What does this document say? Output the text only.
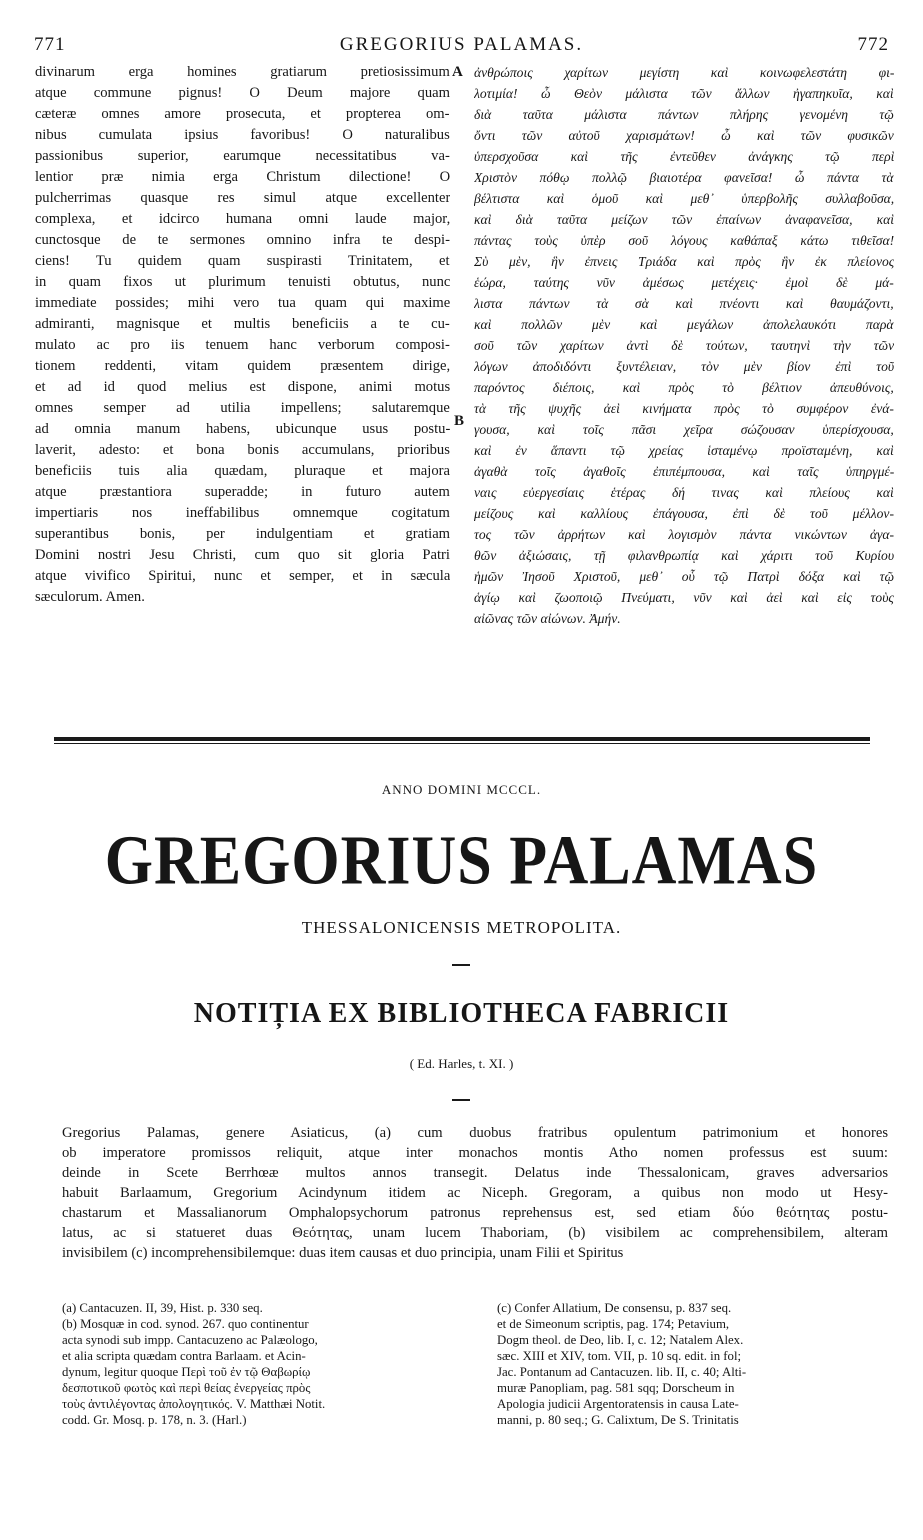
771	GREGORIUS PALAMAS.	772
divinarum erga homines gratiarum pretiosissimum
atque commune pignus! O Deum majore quam
cæteræ omnes amore prosecuta, et propterea om-
nibus cumulata ipsius favoribus! O naturalibus
passionibus superior, earumque necessitatibus va-
lentior præ nimia erga Christum dilectione! O
pulcherrimas quasque res simul atque excellenter
complexa, et idcirco humana omni laude major,
cunctosque de te sermones omnino infra te despi-
ciens! Tu quidem quam suspirasti Trinitatem, et
in quam fixos ut plurimum tenuisti obtutus, nunc
immediate possides; mihi vero tua quam qui maxime
admiranti, magnisque et multis beneficiis a te cu-
mulato ac pro iis tenuem hanc verborum composi-
tionem reddenti, vitam quidem præsentem dirige,
et ad id quod melius est dispone, animi motus
omnes semper ad utilia impellens; salutaremque
ad omnia manum habens, ubicunque usus postu-
laverit, adesto: et bona bonis accumulans, prioribus
beneficiis tuis alia quædam, pluraque et majora
atque præstantiora superadde; in futuro autem
impertiaris nos ineffabilibus omnemque cogitatum
superantibus bonis, per indulgentiam et gratiam
Domini nostri Jesu Christi, cum quo sit gloria Patri
atque vivifico Spiritui, nunc et semper, et in sæcula
sæculorum. Amen.
A
B
ἀνθρώποις χαρίτων μεγίστη καὶ κοινωφελεστάτη φι-
λοτιμία! ὦ Θεὸν μάλιστα τῶν ἄλλων ἠγαπηκυῖα, καὶ
διὰ ταῦτα μάλιστα πάντων πλήρης γενομένη τῷ
ὄντι τῶν αὐτοῦ χαρισμάτων! ὦ καὶ τῶν φυσικῶν
ὑπερσχοῦσα καὶ τῆς ἐντεῦθεν ἀνάγκης τῷ περὶ
Χριστὸν πόθῳ πολλῷ βιαιοτέρα φανεῖσα! ὦ πάντα τὰ
βέλτιστα καὶ ὁμοῦ καὶ μεθ᾽ ὑπερβολῆς συλλαβοῦσα,
καὶ διὰ ταῦτα μείζων τῶν ἐπαίνων ἀναφανεῖσα, καὶ
πάντας τοὺς ὑπὲρ σοῦ λόγους καθάπαξ κάτω τιθεῖσα!
Σὺ μὲν, ἣν ἐπνεις Τριάδα καὶ πρὸς ἣν ἐκ πλείονος
ἑώρα, ταύτης νῦν ἀμέσως μετέχεις· ἐμοὶ δὲ μά-
λιστα πάντων τὰ σὰ καὶ πνέοντι καὶ θαυμάζοντι,
καὶ πολλῶν μὲν καὶ μεγάλων ἀπολελαυκότι παρὰ
σοῦ τῶν χαρίτων ἀντὶ δὲ τούτων, ταυτηνὶ τὴν τῶν
λόγων ἀποδιδόντι ξυντέλειαν, τὸν μὲν βίον ἐπὶ τοῦ
παρόντος διέποις, καὶ πρὸς τὸ βέλτιον ἀπευθύνοις,
τὰ τῆς ψυχῆς ἀεὶ κινήματα πρὸς τὸ συμφέρον ἐνά-
γουσα, καὶ τοῖς πᾶσι χεῖρα σώζουσαν ὑπερίσχουσα,
καὶ ἐν ἅπαντι τῷ χρείας ἱσταμένῳ προϊσταμένη, καὶ
ἀγαθὰ τοῖς ἀγαθοῖς ἐπιπέμπουσα, καὶ ταῖς ὑπηργμέ-
ναις εὐεργεσίαις ἑτέρας δή τινας καὶ πλείους καὶ
μείζους καὶ καλλίους ἐπάγουσα, ἐπὶ δὲ τοῦ μέλλον-
τος τῶν ἀρρήτων καὶ λογισμὸν πάντα νικώντων ἀγα-
θῶν ἀξιώσαις, τῇ φιλανθρωπίᾳ καὶ χάριτι τοῦ Κυρίου
ἡμῶν Ἰησοῦ Χριστοῦ, μεθ᾽ οὗ τῷ Πατρὶ δόξα καὶ τῷ
ἁγίῳ καὶ ζωοποιῷ Πνεύματι, νῦν καὶ ἀεὶ καὶ εἰς τοὺς
αἰῶνας τῶν αἰώνων. Ἀμήν.
ANNO DOMINI MCCCL.
GREGORIUS PALAMAS
THESSALONICENSIS METROPOLITA.
NOTIȚIA EX BIBLIOTHECA FABRICII
( Ed. Harles, t. XI. )
Gregorius Palamas, genere Asiaticus, (a) cum duobus fratribus opulentum patrimonium et honores
ob imperatore promissos reliquit, atque inter monachos montis Atho nomen professus est suum:
deinde in Scete Berrhœæ multos annos transegit. Delatus inde Thessalonicam, graves adversarios
habuit Barlaamum, Gregorium Acindynum itidem ac Niceph. Gregoram, a quibus non modo ut Hesy-
chastarum et Massalianorum Omphalopsychorum patronus reprehensus est, sed etiam δύο θεότητας postu-
latus, ac si statueret duas Θεότητας, unam lucem Thaboriam, (b) visibilem ac comprehensibilem, alteram
invisibilem (c) incomprehensibilemque: duas item causas et duo principia, unam Filii et Spiritus
(a) Cantacuzen. II, 39, Hist. p. 330 seq.
(b) Mosquæ in cod. synod. 267. quo continentur
acta synodi sub impp. Cantacuzeno ac Palæologo,
et alia scripta quædam contra Barlaam. et Acin-
dynum, legitur quoque Περὶ τοῦ ἐν τῷ Θαβωρίῳ
δεσποτικοῦ φωτὸς καὶ περὶ θείας ἐνεργείας πρὸς
τοὺς ἀντιλέγοντας ἀπολογητικός. V. Matthæi Notit.
codd. Gr. Mosq. p. 178, n. 3. (Harl.)
(c) Confer Allatium, De consensu, p. 837 seq.
et de Simeonum scriptis, pag. 174; Petavium,
Dogm theol. de Deo, lib. I, c. 12; Natalem Alex.
sæc. XIII et XIV, tom. VII, p. 10 sq. edit. in fol;
Jac. Pontanum ad Cantacuzen. lib. II, c. 40; Alti-
muræ Panopliam, pag. 581 sqq; Dorscheum in
Apologia judicii Argentoratensis in causa Late-
manni, p. 80 seq.; G. Calixtum, De S. Trinitatis
